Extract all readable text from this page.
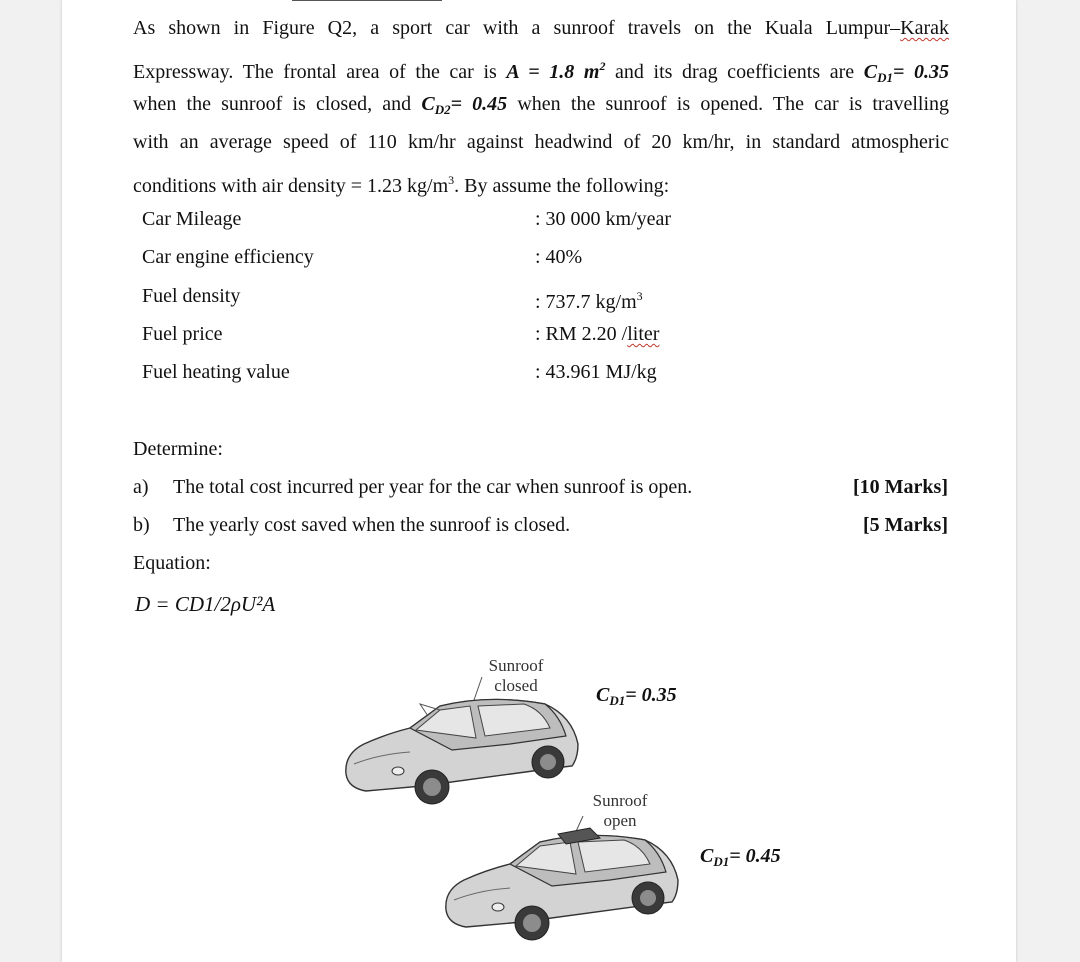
As shown in Figure Q2, a sport car with a sunroof travels on the Kuala Lumpur–Karak
Expressway. The frontal area of the car is A = 1.8 $m^2$ and its drag coefficients are $C_{D1}= 0.35$
when the sunroof is closed, and $C_{D2}= 0.45$ when the sunroof is opened. The car is travelling
with an average speed of 110 km/hr against headwind of 20 km/hr, in standard atmospheric
conditions with air density = 1.23 $kg/m^3$. By assume the following:
Car Mileage	: 30 000 km/year
Car engine efficiency	: 40%
Fuel density	: 737.7 $kg/m^3$
Fuel price	: RM 2.20 /liter
Fuel heating value	: 43.961 MJ/kg
Determine:
a) The total cost incurred per year for the car when sunroof is open.	[10 Marks]
b) The yearly cost saved when the sunroof is closed.	[5 Marks]
Equation:
D = CD1/2ρU²A
Sunroof
closed	$C_{D1}= 0.35$
Sunroof
open
$C_{D1}= 0.45$
